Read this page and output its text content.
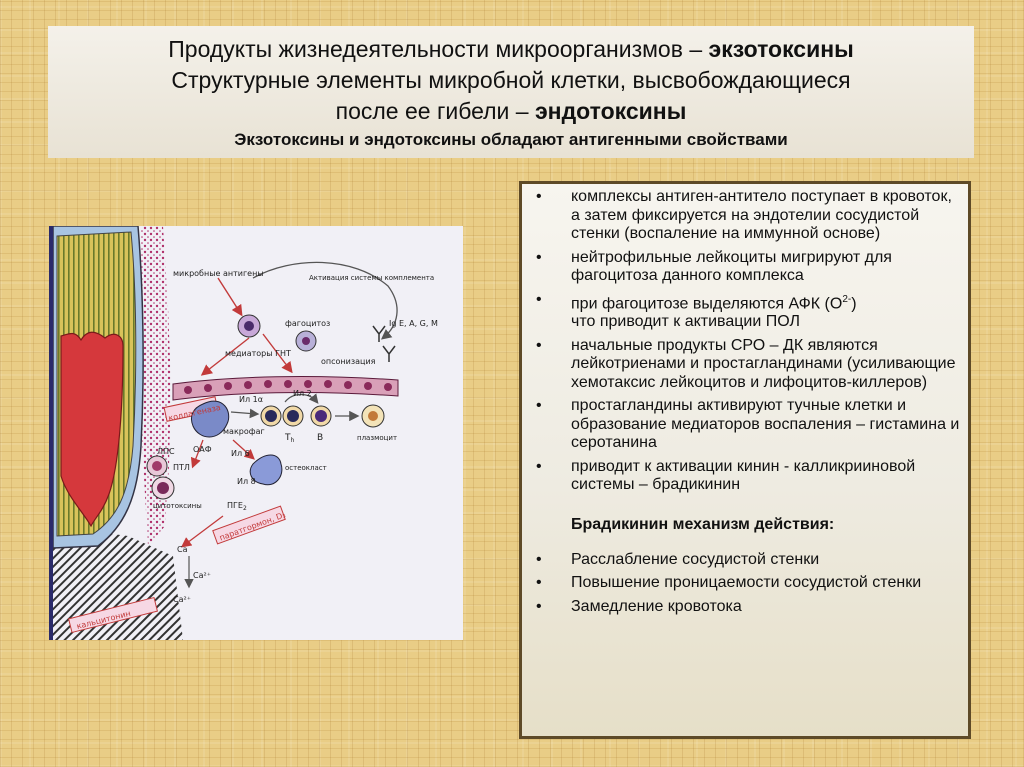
Продукты жизнедеятельности микроорганизмов – экзотоксины
Структурные элементы микробной клетки, высвобождающиеся
после ее гибели – эндотоксины
Экзотоксины и эндотоксины обладают антигенными свойствами
микробные антигены	Активация системы комплемента
фагоцитоз	Ig E, A, G, M
медиаторы ГНТ
опсонизация
коллагеназа
Ил 1α
Ил 2
макрофаг
$T_h$	B	плазмоцит
ЛПС
ПТЛ
ОАФ Ил 6
остеокласт
Ил 8
$ПГЕ_2$
цитотоксины
паратгормон, D₃
Ca
Ca²⁺
Ca²⁺
кальцитонин
• комплексы антиген-антитело поступает в кровоток, а затем фиксируется на эндотелии сосудистой стенки (воспаление на иммунной основе)
• нейтрофильные лейкоциты мигрируют для фагоцитоза данного комплекса
• при фагоцитозе выделяются АФК $(О^{2-})$
что приводит к активации ПОЛ
• начальные продукты СРО – ДК являются лейкотриенами и простагландинами (усиливающие хемотаксис лейкоцитов и лифоцитов-киллеров)
• простагландины активируют тучные клетки и образование медиаторов воспаления – гистамина и серотанина
• приводит к активации кинин - калликрииновой системы – брадикинин
Брадикинин механизм действия:
• Расслабление сосудистой стенки
• Повышение проницаемости сосудистой стенки
• Замедление кровотока
